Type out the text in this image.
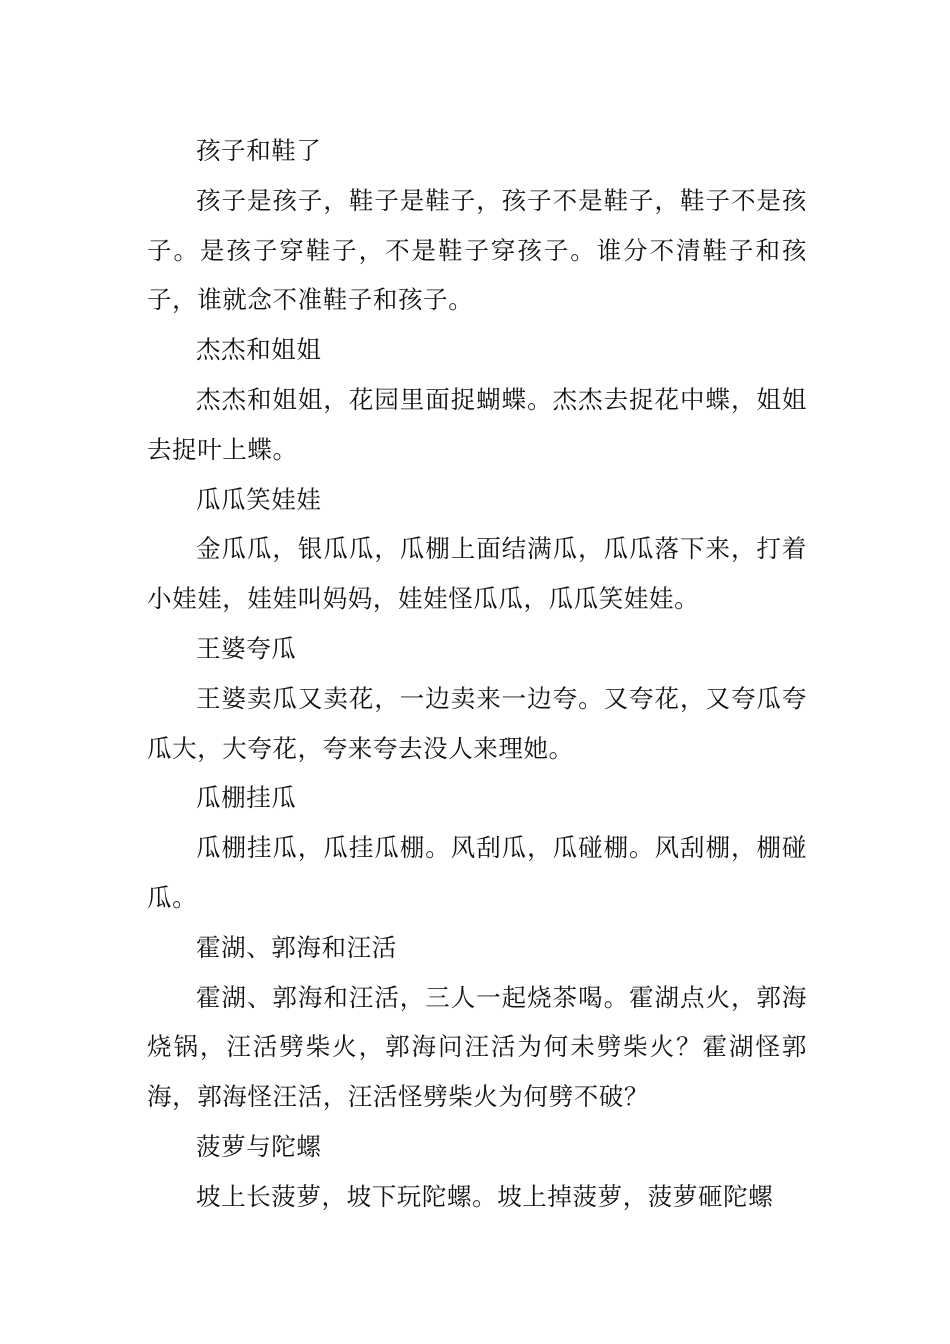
孩子和鞋了

孩子是孩子，鞋子是鞋子，孩子不是鞋子，鞋子不是孩子。是孩子穿鞋子，不是鞋子穿孩子。谁分不清鞋子和孩子，谁就念不准鞋子和孩子。

杰杰和姐姐

杰杰和姐姐，花园里面捉蝴蝶。杰杰去捉花中蝶，姐姐去捉叶上蝶。

瓜瓜笑娃娃

金瓜瓜，银瓜瓜，瓜棚上面结满瓜，瓜瓜落下来，打着小娃娃，娃娃叫妈妈，娃娃怪瓜瓜，瓜瓜笑娃娃。

王婆夸瓜

王婆卖瓜又卖花，一边卖来一边夸。又夸花，又夸瓜夸瓜大，大夸花，夸来夸去没人来理她。

瓜棚挂瓜

瓜棚挂瓜，瓜挂瓜棚。风刮瓜，瓜碰棚。风刮棚，棚碰瓜。

霍湖、郭海和汪活

霍湖、郭海和汪活，三人一起烧茶喝。霍湖点火，郭海烧锅，汪活劈柴火，郭海问汪活为何未劈柴火？霍湖怪郭海，郭海怪汪活，汪活怪劈柴火为何劈不破？

菠萝与陀螺

坡上长菠萝，坡下玩陀螺。坡上掉菠萝，菠萝砸陀螺
